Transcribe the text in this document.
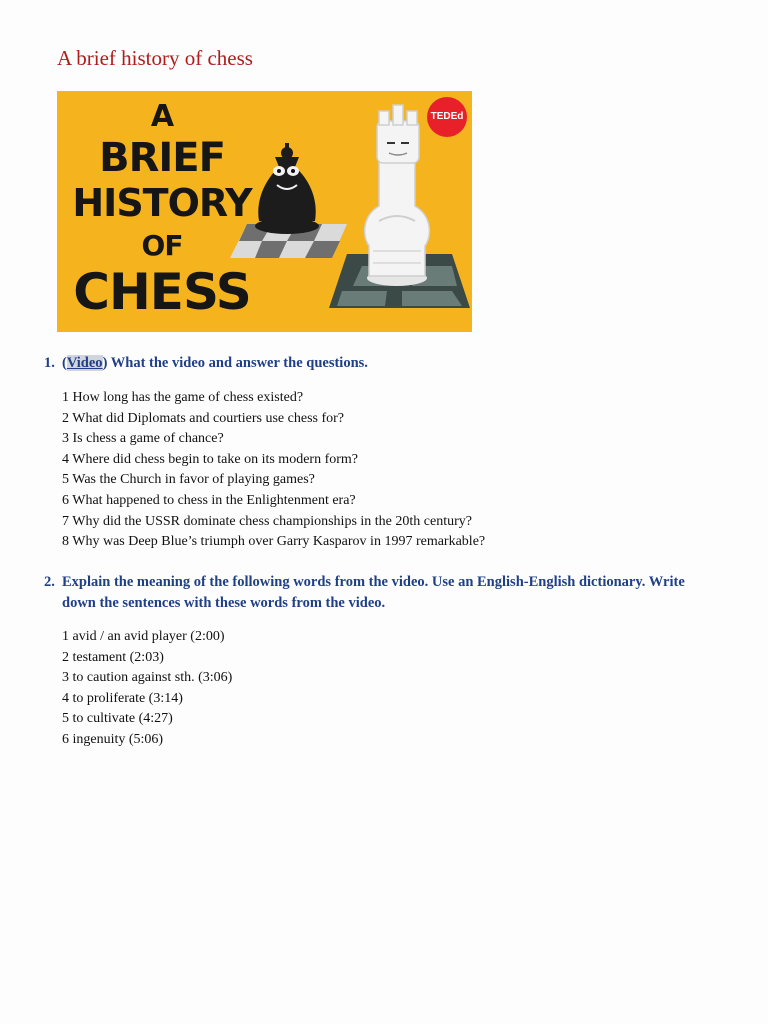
A brief history of chess
A
BRIEF
HISTORY
OF
CHESS
TEDEd
1. (Video) What the video and answer the questions.
1 How long has the game of chess existed?
2 What did Diplomats and courtiers use chess for?
3 Is chess a game of chance?
4 Where did chess begin to take on its modern form?
5 Was the Church in favor of playing games?
6 What happened to chess in the Enlightenment era?
7 Why did the USSR dominate chess championships in the 20th century?
8 Why was Deep Blue’s triumph over Garry Kasparov in 1997 remarkable?
2. Explain the meaning of the following words from the video. Use an English-English dictionary. Write
down the sentences with these words from the video.
1 avid / an avid player (2:00)
2 testament (2:03)
3 to caution against sth. (3:06)
4 to proliferate (3:14)
5 to cultivate (4:27)
6 ingenuity (5:06)
